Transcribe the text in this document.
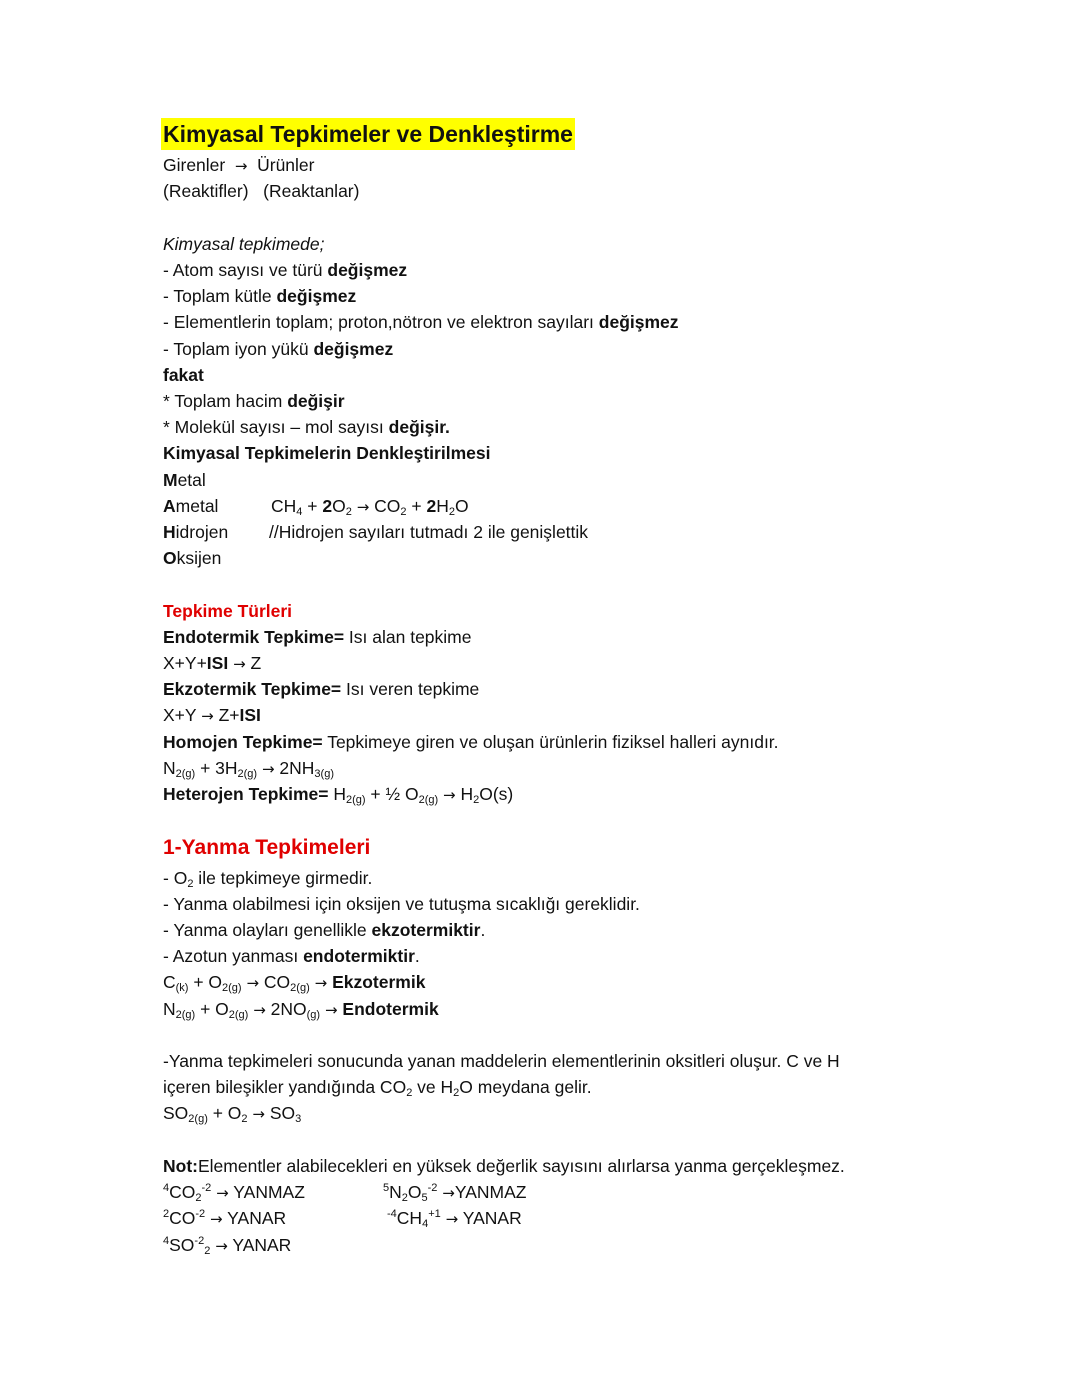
Kimyasal Tepkimeler ve Denkleştirme
Girenler  →  Ürünler
(Reaktifler) (Reaktanlar)
Kimyasal tepkimede;
- Atom sayısı ve türü değişmez
- Toplam kütle değişmez
- Elementlerin toplam; proton,nötron ve elektron sayıları değişmez
- Toplam iyon yükü değişmez
fakat
* Toplam hacim değişir
* Molekül sayısı – mol sayısı değişir.
Kimyasal Tepkimelerin Denkleştirilmesi
Metal
Ametal
Hidrojen
Oksijen
$CH_4 + 2O_2 \to CO_2 + 2H_2O$
//Hidrojen sayıları tutmadı 2 ile genişlettik
Tepkime Türleri
Endotermik Tepkime= Isı alan tepkime
X+Y+ISI → Z
Ekzotermik Tepkime= Isı veren tepkime
X+Y → Z+ISI
Homojen Tepkime= Tepkimeye giren ve oluşan ürünlerin fiziksel halleri aynıdır.
$N_{2(g)} + 3H_{2(g)} \to 2NH_{3(g)}$
Heterojen Tepkime= $H_{2(g)}$ + ½ $O_{2(g)} \to H_2O(s)$
1-Yanma Tepkimeleri
- $O_2$ ile tepkimeye girmedir.
- Yanma olabilmesi için oksijen ve tutuşma sıcaklığı gereklidir.
- Yanma olayları genellikle ekzotermiktir.
- Azotun yanması endotermiktir.
$C_{(k)} + O_{2(g)} \to CO_{2(g)}$ → Ekzotermik
$N_{2(g)} + O_{2(g)} \to 2NO_{(g)}$ → Endotermik
-Yanma tepkimeleri sonucunda yanan maddelerin elementlerinin oksitleri oluşur. C ve H
içeren bileşikler yandığında $CO_2$ ve $H_2O$ meydana gelir.
$SO_{2(g)} + O_2 \to SO_3$
Not:Elementler alabilecekleri en yüksek değerlik sayısını alırlarsa yanma gerçekleşmez.
$^4CO_2^{-2}$ → YANMAZ
$^2CO^{-2}$ → YANAR
$^4SO^{-2}_2$ → YANAR
$^5N_2O_5^{-2}$ →YANMAZ
$^{-4}CH_4^{+1}$ → YANAR
